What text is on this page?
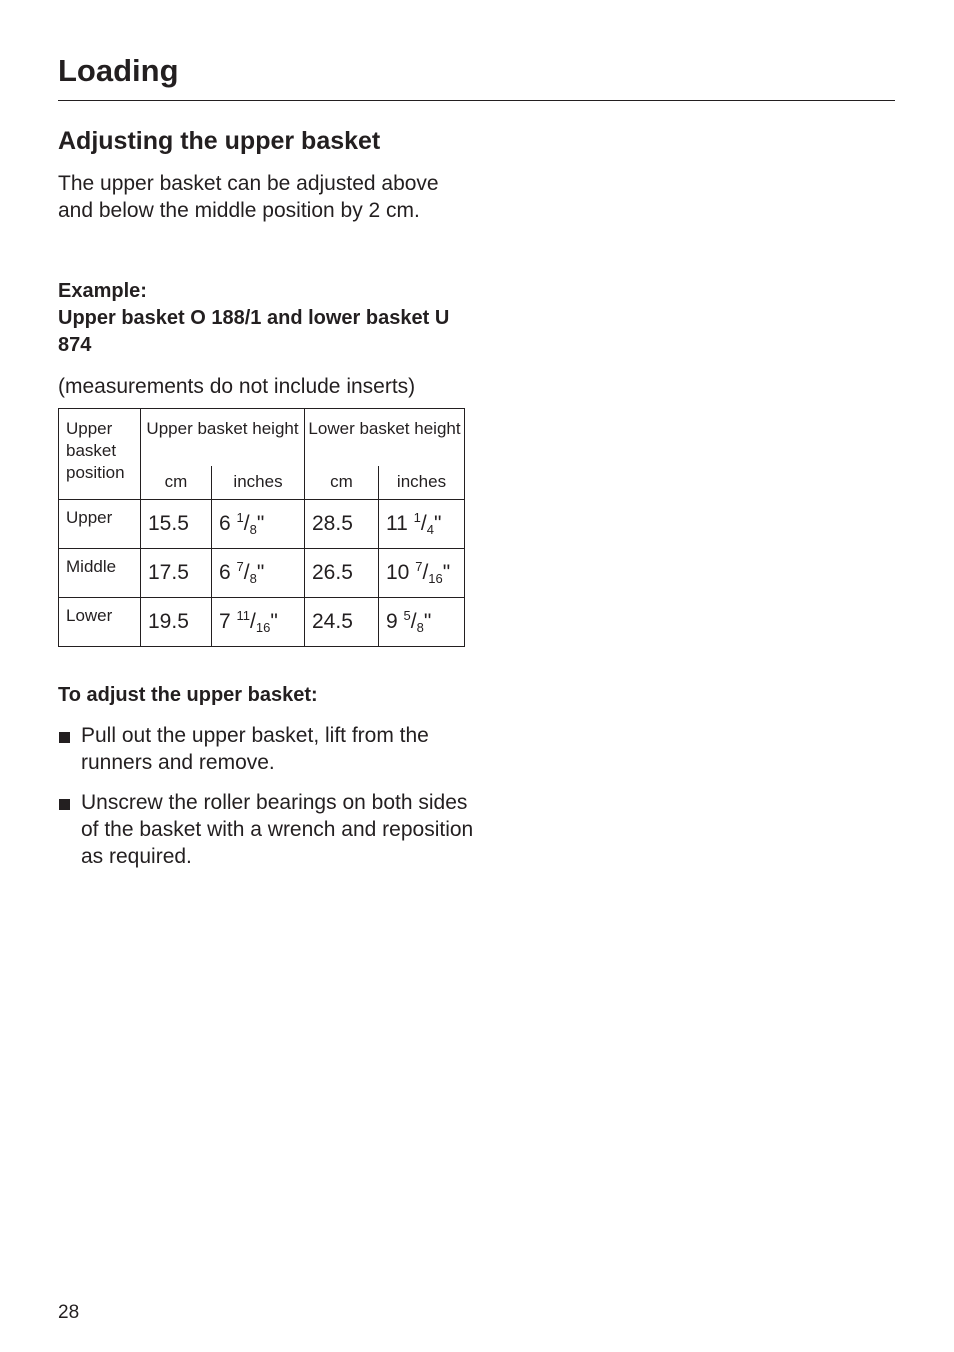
Loading
Adjusting the upper basket

The upper basket can be adjusted above and below the middle position by 2 cm.

Example:
Upper basket O 188/1 and lower basket U 874

(measurements do not include inserts)

Upper basket position	Upper basket height		Lower basket height	
	cm	inches	cm	inches
Upper	15.5	6 $^1/_8$"	28.5	11 $^1/_4$"
Middle	17.5	6 $^7/_8$"	26.5	10 $^7/_{16}$"
Lower	19.5	7 $^{11}/_{16}$"	24.5	9 $^5/_8$"
To adjust the upper basket:
Pull out the upper basket, lift from the runners and remove.
Unscrew the roller bearings on both sides of the basket with a wrench and reposition as required.
28
